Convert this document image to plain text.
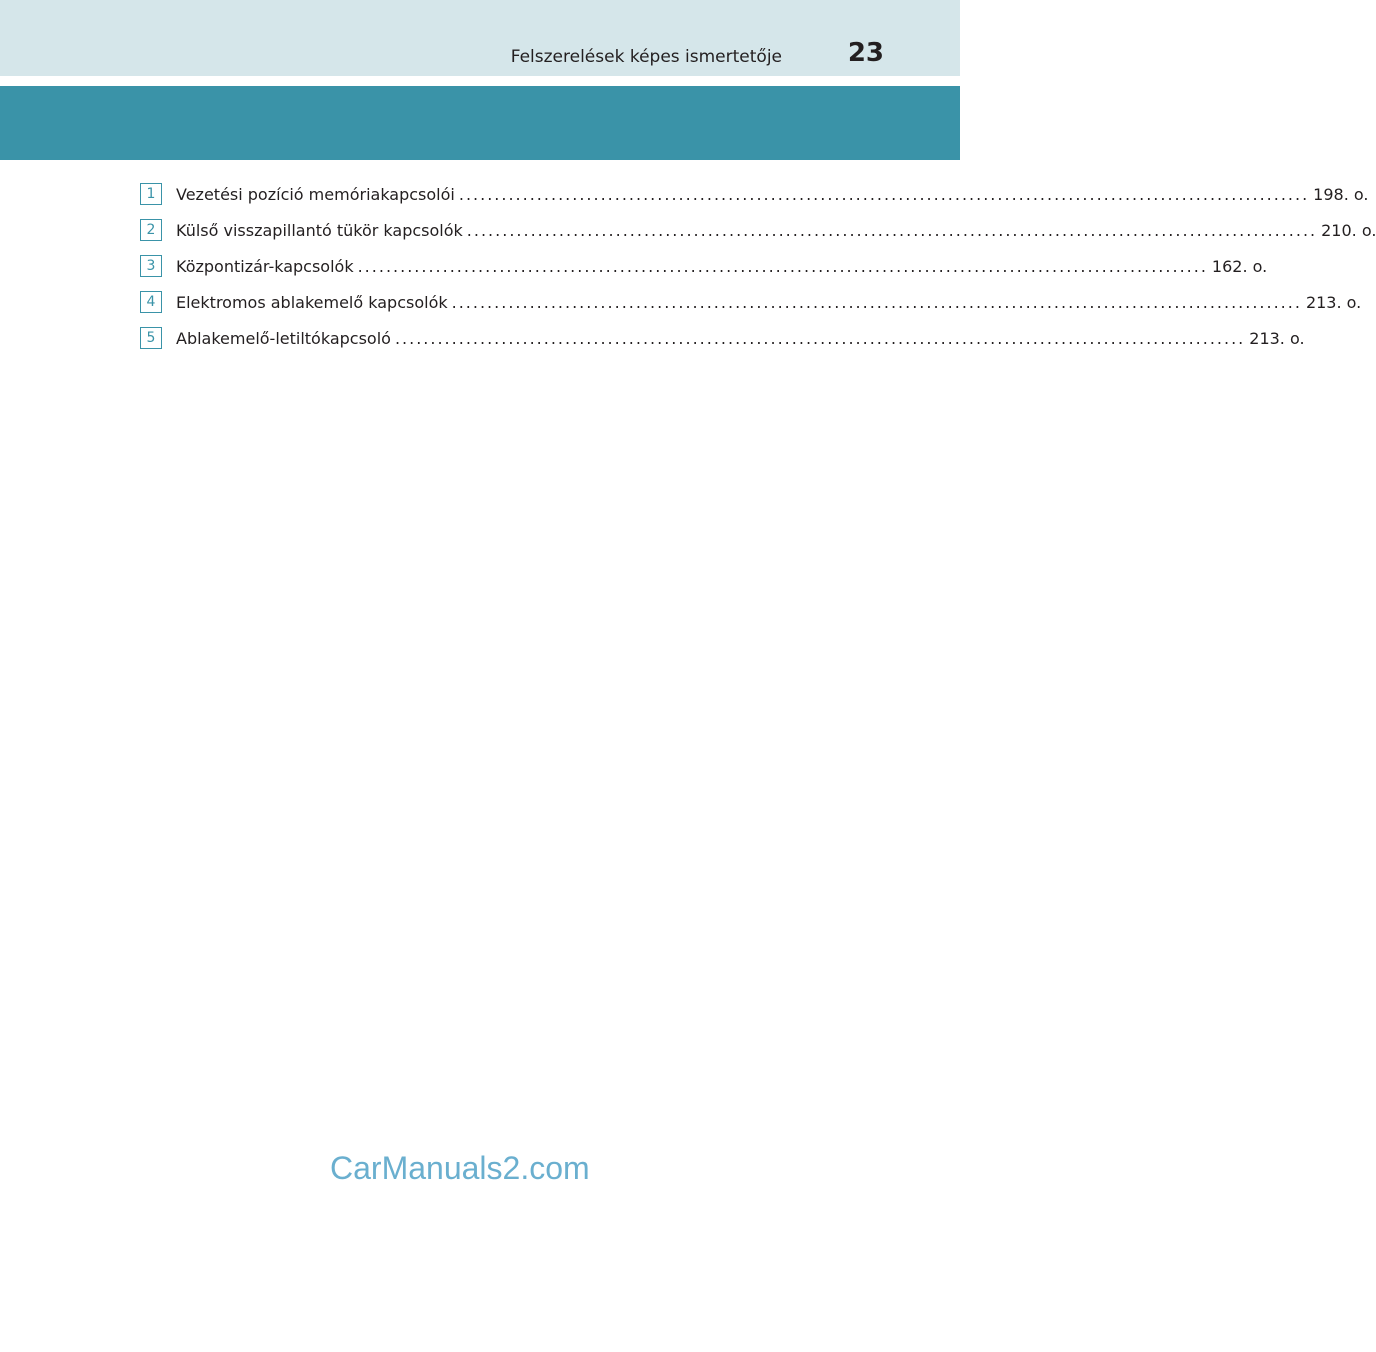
Felszerelések képes ismertetője	23
1	Vezetési pozíció memóriakapcsolói ........................................................................................................................ 198. o.
2	Külső visszapillantó tükör kapcsolók ........................................................................................................................ 210. o.
3	Központizár-kapcsolók ........................................................................................................................ 162. o.
4	Elektromos ablakemelő kapcsolók ........................................................................................................................ 213. o.
5	Ablakemelő-letiltókapcsoló ........................................................................................................................ 213. o.
CarManuals2.com
